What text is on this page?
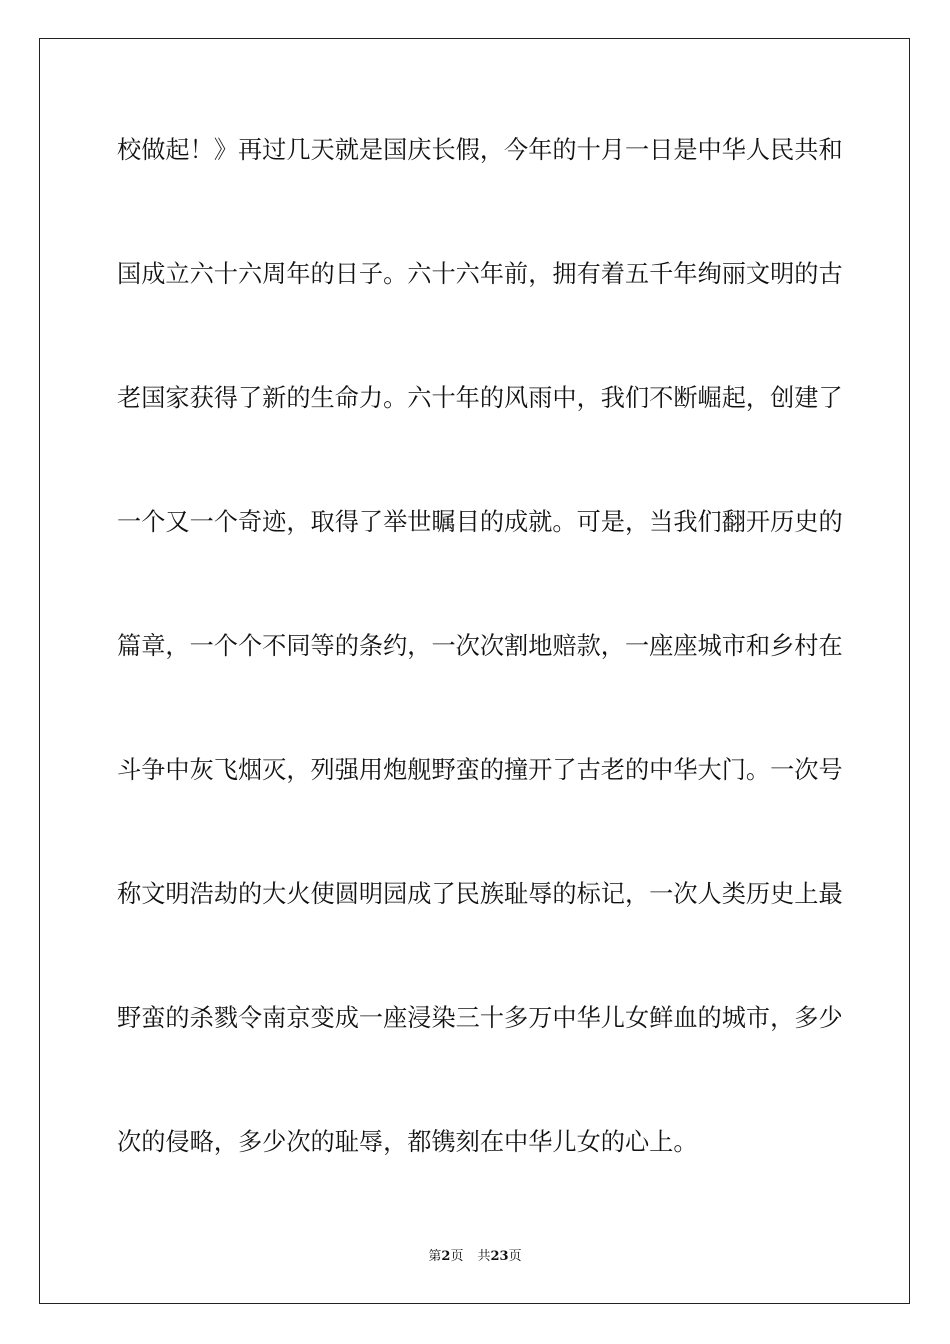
校做起！》再过几天就是国庆长假，今年的十月一日是中华人民共和
国成立六十六周年的日子。六十六年前，拥有着五千年绚丽文明的古
老国家获得了新的生命力。六十年的风雨中，我们不断崛起，创建了
一个又一个奇迹，取得了举世瞩目的成就。可是，当我们翻开历史的
篇章，一个个不同等的条约，一次次割地赔款，一座座城市和乡村在
斗争中灰飞烟灭，列强用炮舰野蛮的撞开了古老的中华大门。一次号
称文明浩劫的大火使圆明园成了民族耻辱的标记，一次人类历史上最
野蛮的杀戮令南京变成一座浸染三十多万中华儿女鲜血的城市，多少
次的侵略，多少次的耻辱，都镌刻在中华儿女的心上。
第2页 共23页
